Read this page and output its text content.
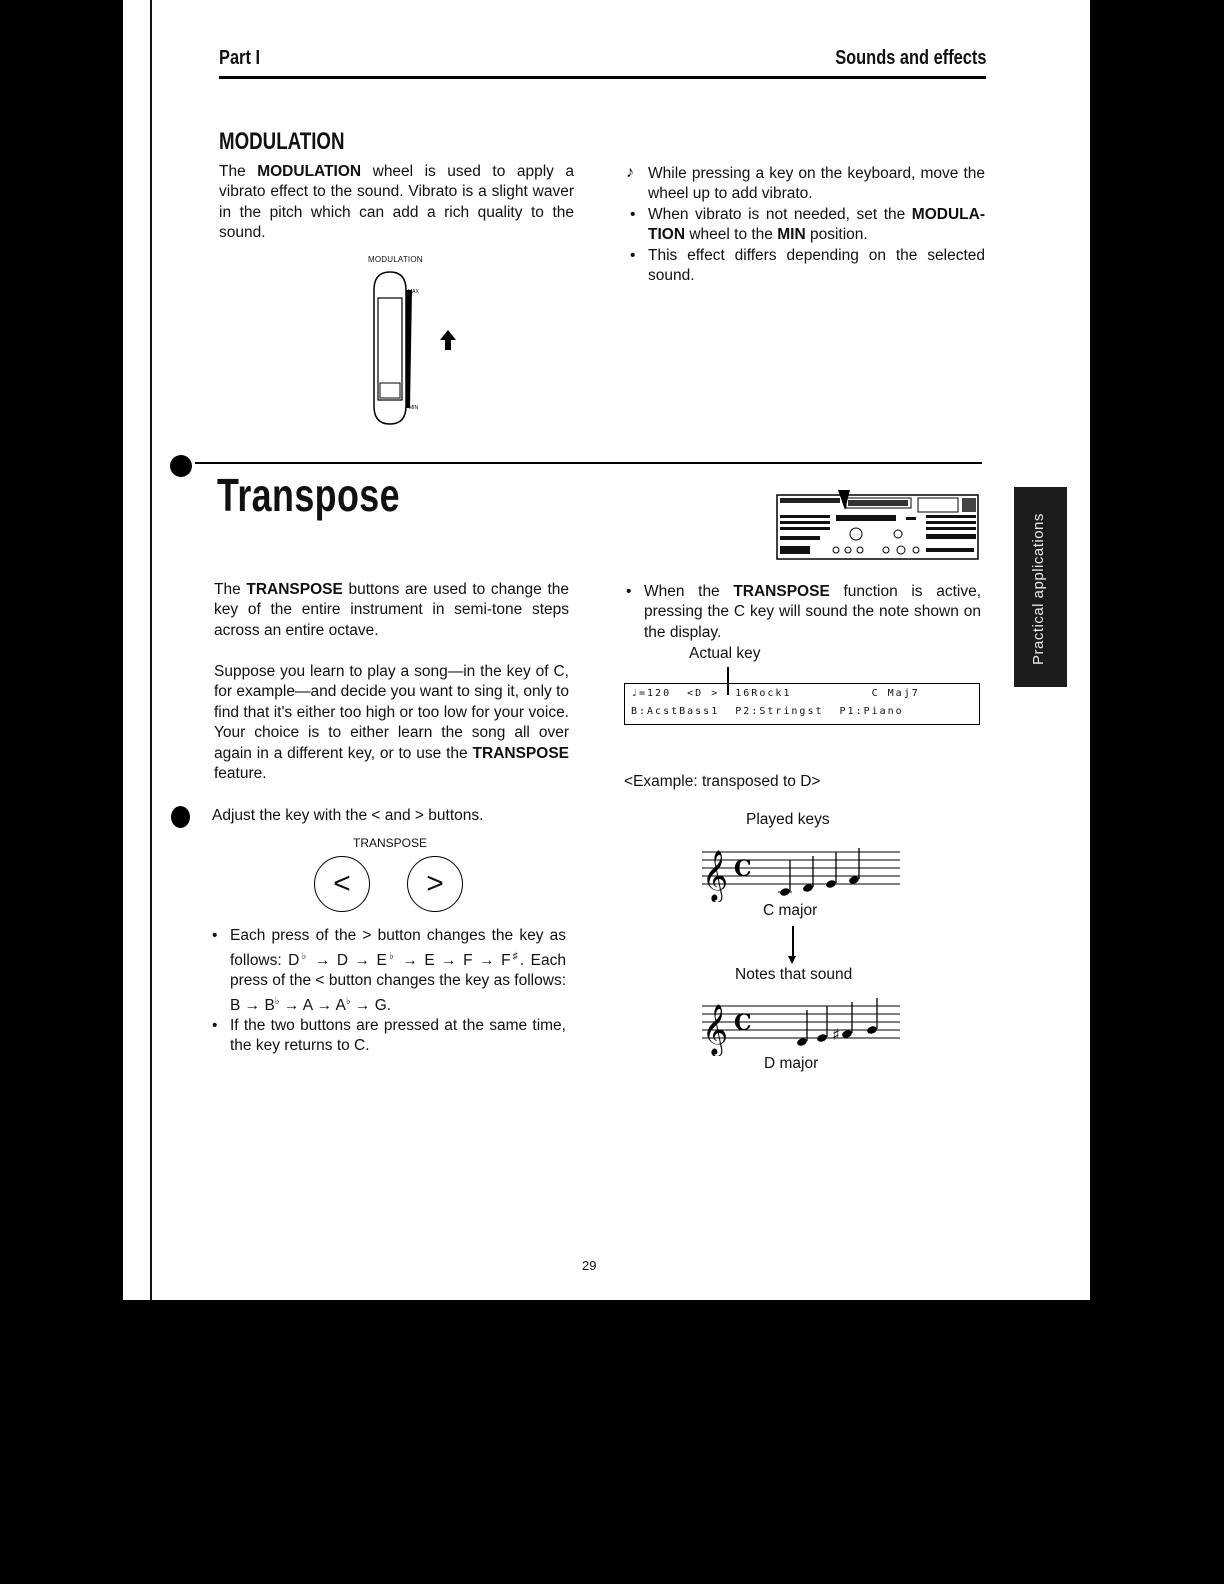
Part I	Sounds and effects
MODULATION
The MODULATION wheel is used to apply a vibrato effect to the sound. Vibrato is a slight waver in the pitch which can add a rich quality to the sound.
MODULATION
MAX
MIN
♪ While pressing a key on the keyboard, move the wheel up to add vibrato.
• When vibrato is not needed, set the MODULATION wheel to the MIN position.
• This effect differs depending on the selected sound.
Transpose
Practical applications
The TRANSPOSE buttons are used to change the key of the entire instrument in semi-tone steps across an entire octave.
Suppose you learn to play a song—in the key of C, for example—and decide you want to sing it, only to find that it's either too high or too low for your voice. Your choice is to either learn the song all over again in a different key, or to use the TRANSPOSE feature.
Adjust the key with the < and > buttons.
TRANSPOSE
<	>
• Each press of the > button changes the key as follows: D♭ → D → E♭ → E → F → F♯. Each press of the < button changes the key as follows: B → B♭ → A → A♭ → G.
• If the two buttons are pressed at the same time, the key returns to C.
• When the TRANSPOSE function is active, pressing the C key will sound the note shown on the display.
Actual key
♩=120  <D >  16Rock1          C Maj7
B:AcstBass1  P2:Stringst  P1:Piano
<Example: transposed to D>
Played keys
𝄞 C
C major
Notes that sound
𝄞 C	♯
D major
29
